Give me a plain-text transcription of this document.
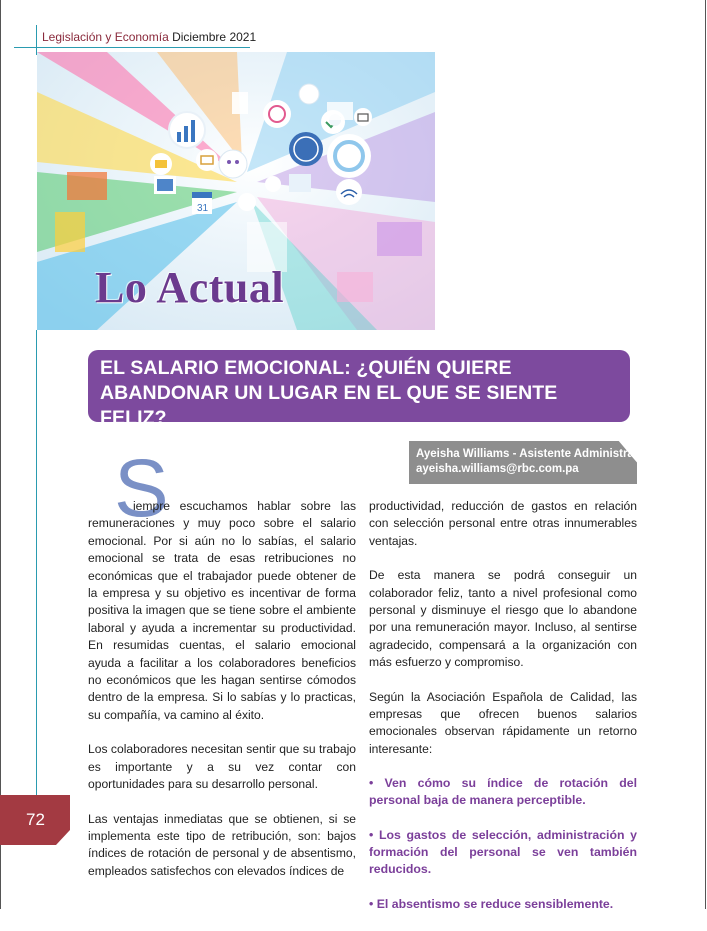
Legislación y Economía Diciembre 2021
31
Lo Actual
EL SALARIO EMOCIONAL: ¿QUIÉN QUIERE
ABANDONAR UN LUGAR EN EL QUE SE SIENTE FELIZ?
Ayeisha Williams - Asistente Administrativa
ayeisha.williams@rbc.com.pa
S

iempre escuchamos hablar sobre las remuneraciones y muy poco sobre el salario emocional. Por si aún no lo sabías, el salario emocional se trata de esas retribuciones no económicas que el trabajador puede obtener de la empresa y su objetivo es incentivar de forma positiva la imagen que se tiene sobre el ambiente laboral y ayuda a incrementar su productividad. En resumidas cuentas, el salario emocional ayuda a facilitar a los colaboradores beneficios no económicos que les hagan sentirse cómodos dentro de la empresa. Si lo sabías y lo practicas, su compañía, va camino al éxito.

Los colaboradores necesitan sentir que su trabajo es importante y a su vez contar con oportunidades para su desarrollo personal.

Las ventajas inmediatas que se obtienen, si se implementa este tipo de retribución, son: bajos índices de rotación de personal y de absentismo, empleados satisfechos con elevados índices de

productividad, reducción de gastos en relación con selección personal entre otras innumerables ventajas.

De esta manera se podrá conseguir un colaborador feliz, tanto a nivel profesional como personal y disminuye el riesgo que lo abandone por una remuneración mayor. Incluso, al sentirse agradecido, compensará a la organización con más esfuerzo y compromiso.

Según la Asociación Española de Calidad, las empresas que ofrecen buenos salarios emocionales observan rápidamente un retorno interesante:

• Ven cómo su índice de rotación del personal baja de manera perceptible.

• Los gastos de selección, administración y formación del personal se ven también reducidos.

• El absentismo se reduce sensiblemente.

72
